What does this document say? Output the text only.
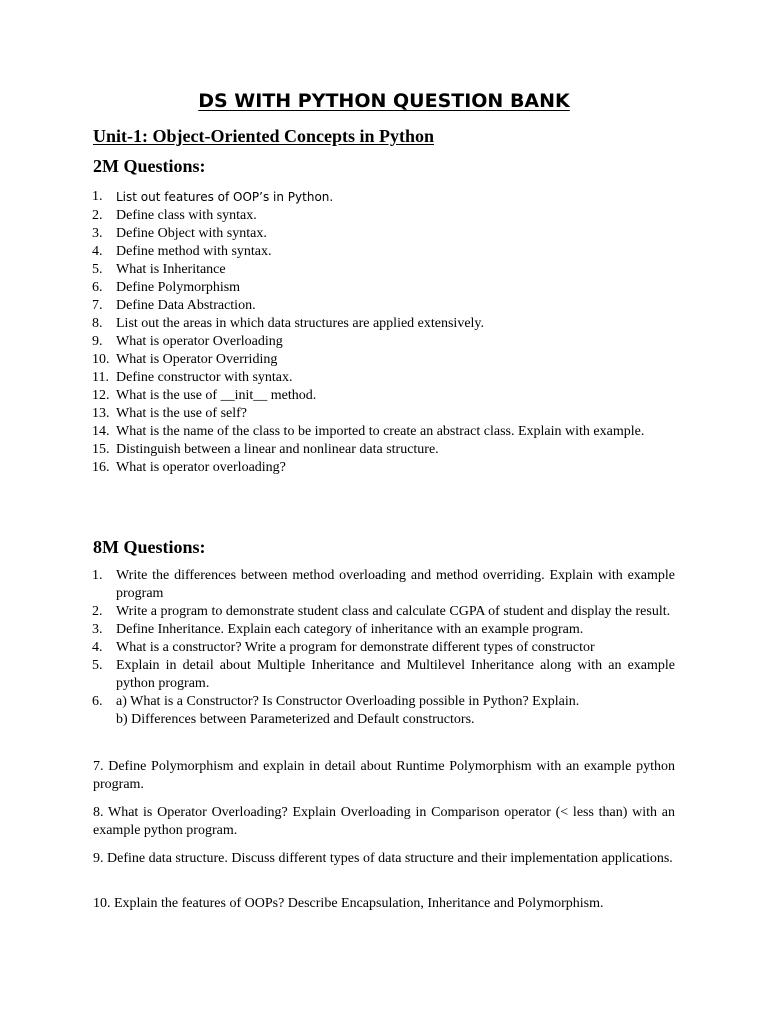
DS WITH PYTHON QUESTION BANK
Unit-1: Object-Oriented Concepts in Python
2M Questions:
1. List out features of OOP’s in Python.
2. Define class with syntax.
3. Define Object with syntax.
4. Define method with syntax.
5. What is Inheritance
6. Define Polymorphism
7. Define Data Abstraction.
8. List out the areas in which data structures are applied extensively.
9. What is operator Overloading
10. What is Operator Overriding
11. Define constructor with syntax.
12. What is the use of __init__ method.
13. What is the use of self?
14. What is the name of the class to be imported to create an abstract class. Explain with example.
15. Distinguish between a linear and nonlinear data structure.
16. What is operator overloading?
8M Questions:
1. Write the differences between method overloading and method overriding. Explain with example program
2. Write a program to demonstrate student class and calculate CGPA of student and display the result.
3. Define Inheritance. Explain each category of inheritance with an example program.
4. What is a constructor? Write a program for demonstrate different types of constructor
5. Explain in detail about Multiple Inheritance and Multilevel Inheritance along with an example python program.
6. a) What is a Constructor? Is Constructor Overloading possible in Python? Explain.
b) Differences between Parameterized and Default constructors.
7. Define Polymorphism and explain in detail about Runtime Polymorphism with an example python program.
8. What is Operator Overloading? Explain Overloading in Comparison operator (< less than) with an example python program.
9. Define data structure. Discuss different types of data structure and their implementation applications.
10. Explain the features of OOPs? Describe Encapsulation, Inheritance and Polymorphism.
